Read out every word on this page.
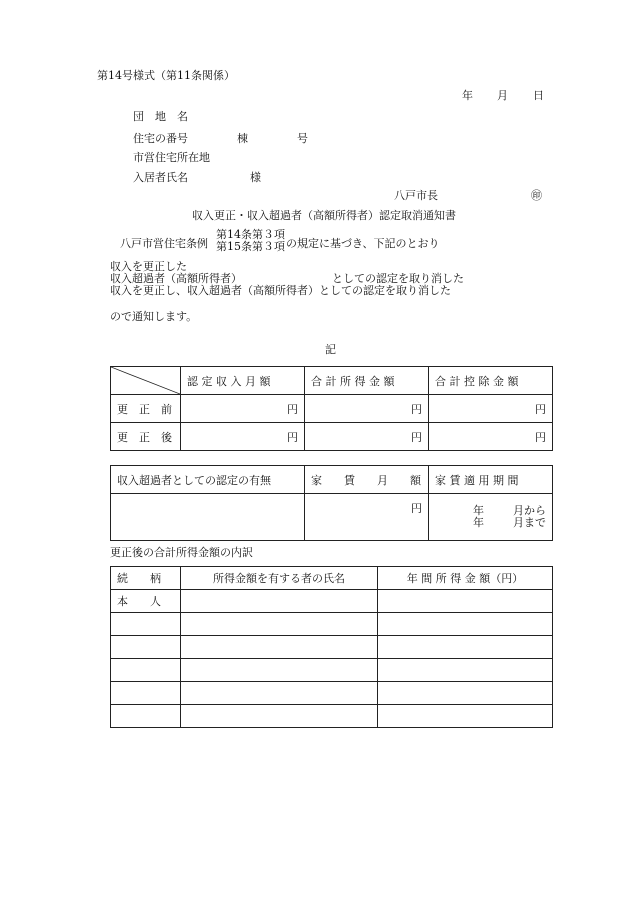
第14号様式（第11条関係）
年 月 日
団　地　名
住宅の番号	棟	号
市営住宅所在地
入居者氏名	様
八戸市長	㊞
収入更正・収入超過者（高額所得者）認定取消通知書
八戸市営住宅条例
第14条第３項
第15条第３項 の規定に基づき、下記のとおり
収入を更正した
収入超過者（高額所得者）	としての認定を取り消した
収入を更正し、収入超過者（高額所得者）としての認定を取り消した
ので通知します。
記
	認 定 収 入 月 額	合 計 所 得 金 額	合 計 控 除 金 額
更　正　前	円	円	円
更　正　後	円	円	円
収入超過者としての認定の有無	家　　賃　　月　　額	家 賃 適 用 期 間
	円	年 月から
年 月まで
更正後の合計所得金額の内訳
続　　柄	所得金額を有する者の氏名	年 間 所 得 金 額（円）
本　　人		
